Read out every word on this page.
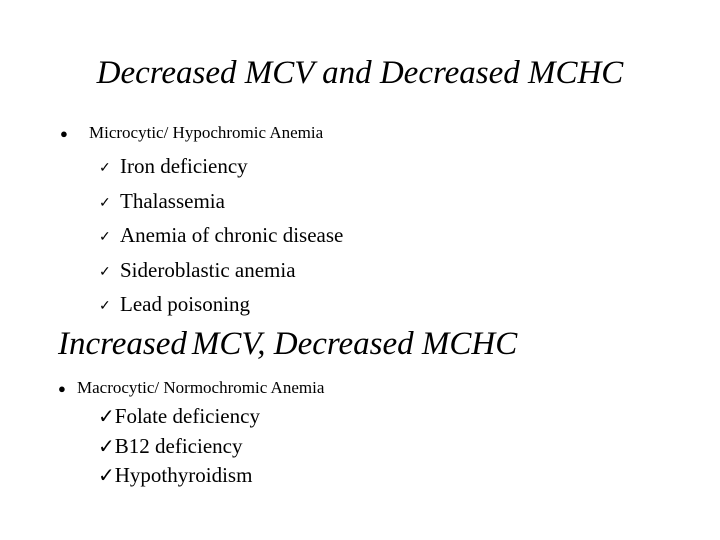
Decreased MCV and Decreased MCHC
● Microcytic/ Hypochromic Anemia
✓ Iron deficiency
✓ Thalassemia
✓ Anemia of chronic disease
✓ Sideroblastic anemia
✓ Lead poisoning
Increased MCV, Decreased MCHC
● Macrocytic/ Normochromic Anemia
✓Folate deficiency
✓B12 deficiency
✓Hypothyroidism
